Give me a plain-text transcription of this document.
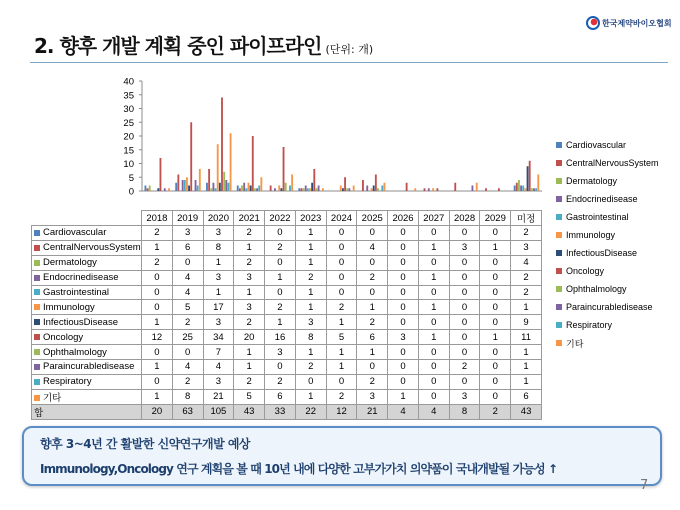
2. 향후 개발 계획 중인 파이프라인 (단위: 개)
한국제약바이오협회
0
5
10
15
20
25
30
35
40
	2018	2019	2020	2021	2022	2023	2024	2025	2026	2027	2028	2029	미정
Cardiovascular	2	3	3	2	0	1	0	0	0	0	0	0	2
CentralNervousSystem	1	6	8	1	2	1	0	4	0	1	3	1	3
Dermatology	2	0	1	2	0	1	0	0	0	0	0	0	4
Endocrinedisease	0	4	3	3	1	2	0	2	0	1	0	0	2
Gastrointestinal	0	4	1	1	0	1	0	0	0	0	0	0	2
Immunology	0	5	17	3	2	1	2	1	0	1	0	0	1
InfectiousDisease	1	2	3	2	1	3	1	2	0	0	0	0	9
Oncology	12	25	34	20	16	8	5	6	3	1	0	1	11
Ophthalmology	0	0	7	1	3	1	1	1	0	0	0	0	1
Paraincurabledisease	1	4	4	1	0	2	1	0	0	0	2	0	1
Respiratory	0	2	3	2	2	0	0	2	0	0	0	0	1
기타	1	8	21	5	6	1	2	3	1	0	3	0	6
합	20	63	105	43	33	22	12	21	4	4	8	2	43
Cardiovascular
CentralNervousSystem
Dermatology
Endocrinedisease
Gastrointestinal
Immunology
InfectiousDisease
Oncology
Ophthalmology
Paraincurabledisease
Respiratory
기타
향후 3~4년 간 활발한 신약연구개발 예상
Immunology,Oncology 연구 계획을 볼 때 10년 내에 다양한 고부가가치 의약품이 국내개발될 가능성 ↑
7
